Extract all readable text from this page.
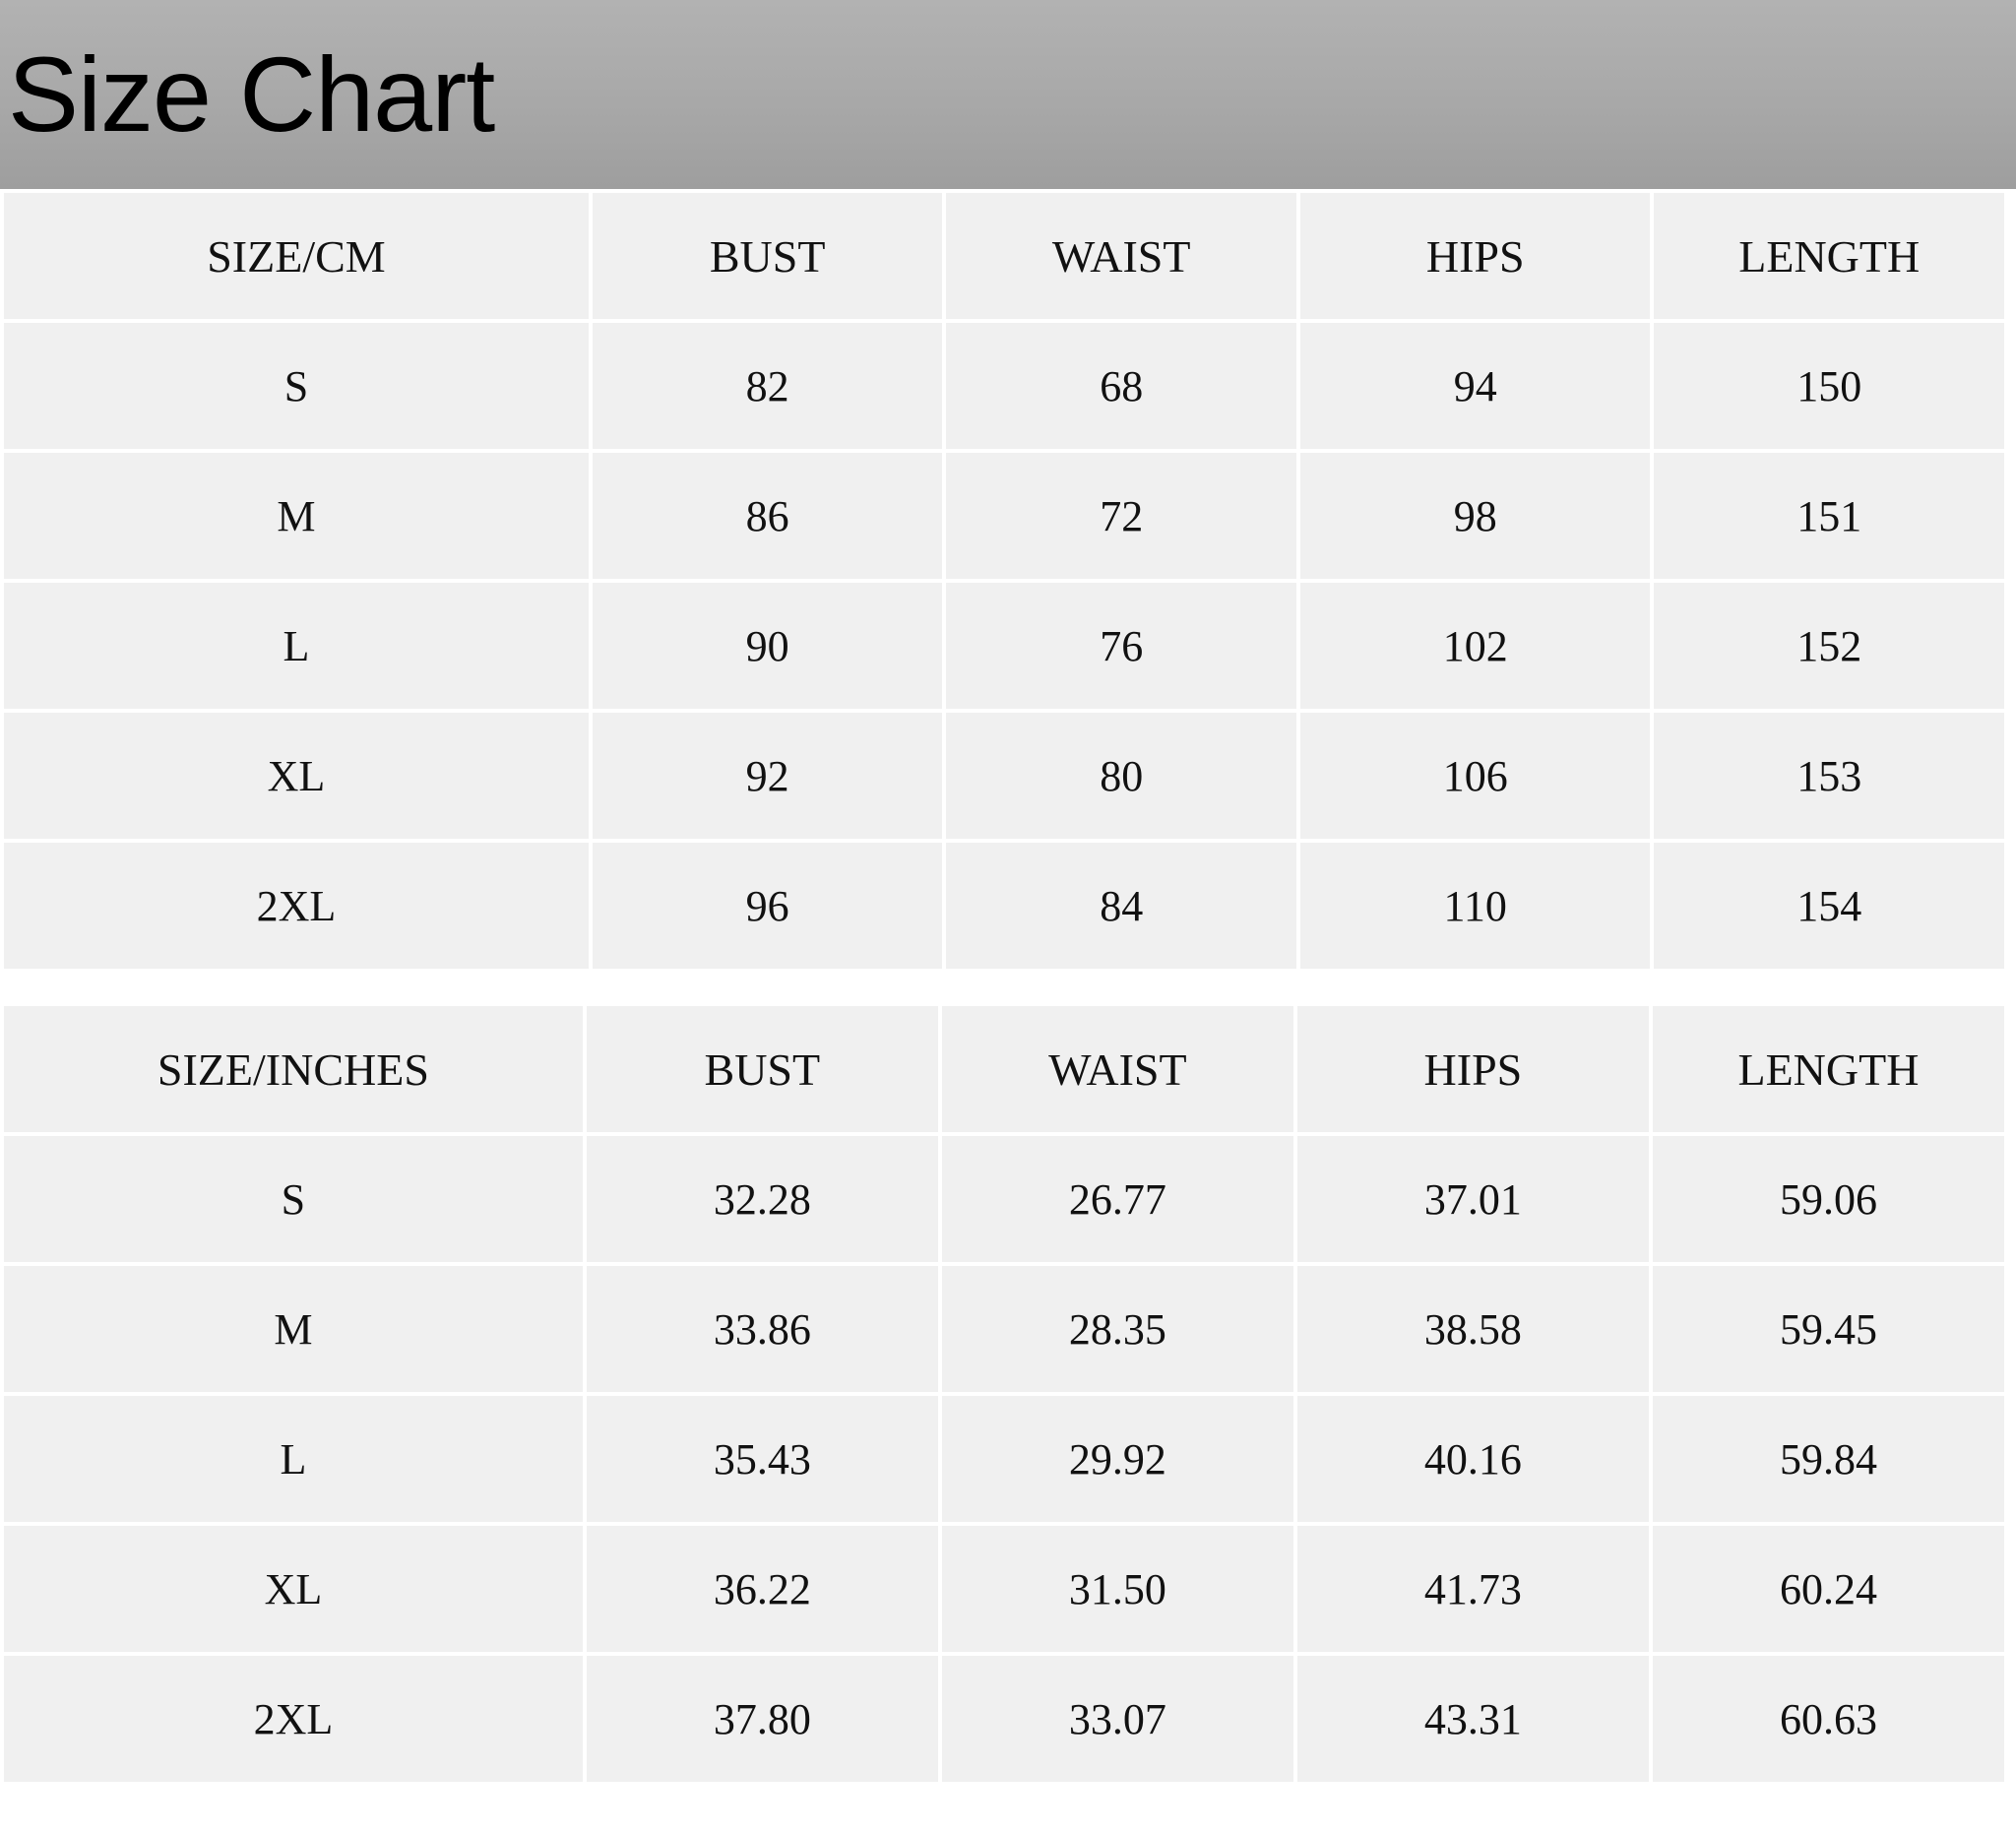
Size Chart
SIZE/CM	BUST	WAIST	HIPS	LENGTH
S	82	68	94	150
M	86	72	98	151
L	90	76	102	152
XL	92	80	106	153
2XL	96	84	110	154
SIZE/INCHES	BUST	WAIST	HIPS	LENGTH
S	32.28	26.77	37.01	59.06
M	33.86	28.35	38.58	59.45
L	35.43	29.92	40.16	59.84
XL	36.22	31.50	41.73	60.24
2XL	37.80	33.07	43.31	60.63
